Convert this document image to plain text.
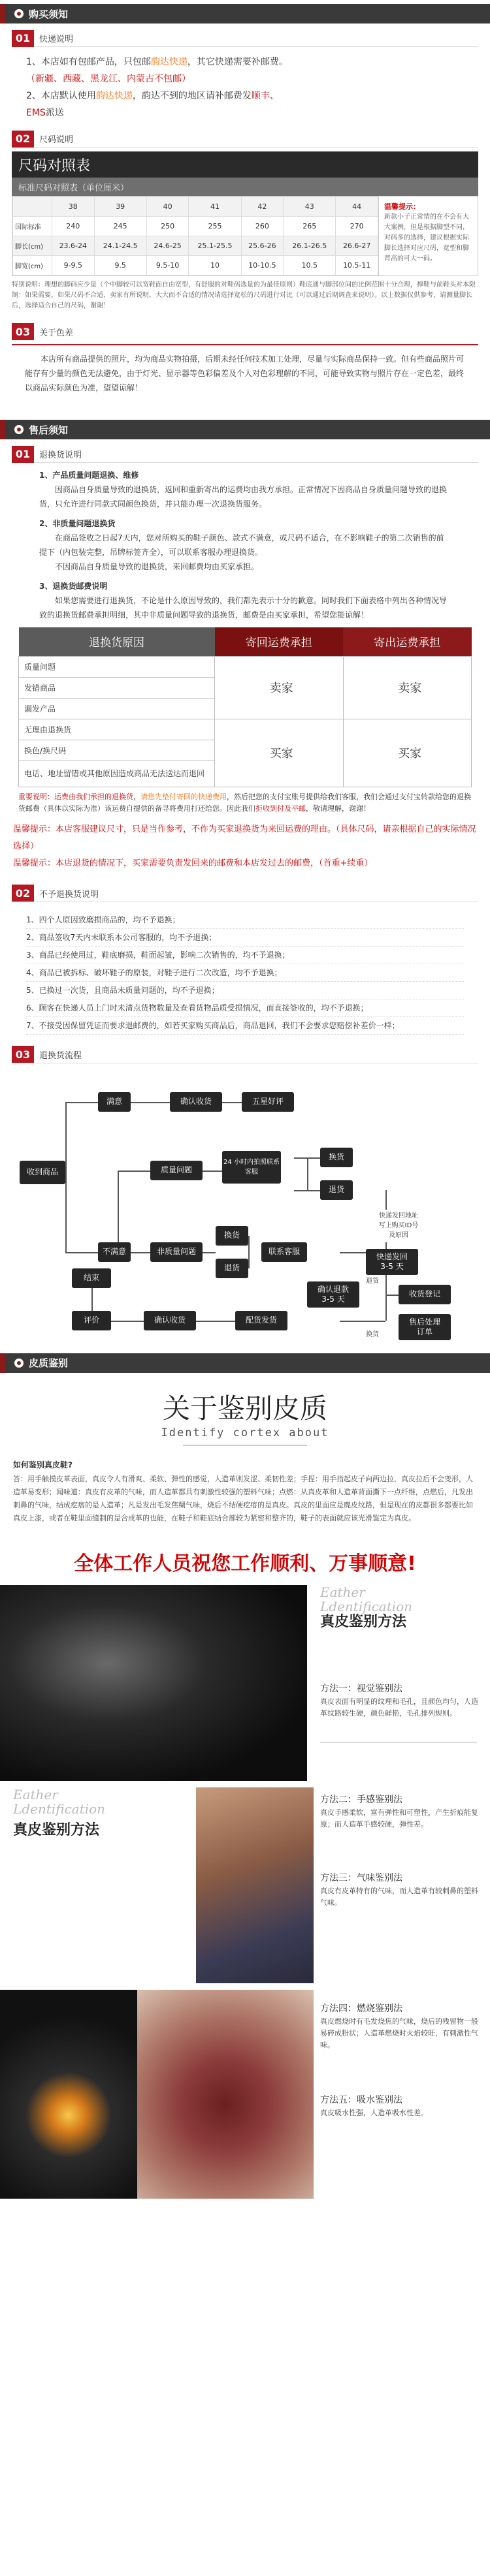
购买须知
01	快递说明
1、本店如有包邮产品，只包邮韵达快递，其它快递需要补邮费。
（新疆、西藏、黑龙江、内蒙古不包邮）
2、本店默认使用韵达快递，韵达不到的地区请补邮费发顺丰、
EMS派送
02	尺码说明
尺码对照表
标准尺码对照表（单位厘米）
	38	39	40	41	42	43	44
国际标准	240	245	250	255	260	265	270
脚长(cm)	23.6-24	24.1-24.5	24.6-25	25.1-25.5	25.6-26	26.1-26.5	26.6-27
脚宽(cm)	9-9.5	9.5	9.5-10	10	10-10.5	10.5	10.5-11
温馨提示：
新款小子正常情的在不会有大大案例，但是根据脚型不同，对码多的选择，建议根据实际脚长选择对应尺码，宽型和脚背高的可大一码。
特别说明：理想的脚码应少量（个中脚较可以宽鞋面自由宽型，有舒服的对鞋码选量的为最佳原则）鞋底通与脚部位间的比例范围十分合理，撑鞋与前鞋头对本限制：如果需要，如果尺码不合适，卖家有所说明，大大而不合适的情况请选择宽松的尺码进行对比（可以通过后期调查来说明）。以上数据仅供参考，请测量脚长后，选择适合自己的尺码，谢谢！
03	关于色差
本店所有商品提供的照片，均为商品实物拍摄，后期未经任何技术加工处理，尽量与实际商品保持一致。但有些商品照片可能存有少量的颜色无法避免，由于灯光、显示器等色彩偏差及个人对色彩理解的不同，可能导致实物与照片存在一定色差，最终以商品实际颜色为准，望望谅解！
售后须知
01	退换货说明
1、产品质量问题退换、维修
因商品自身质量导致的退换货，返回和重新寄出的运费均由我方承担。正常情况下因商品自身质量问题导致的退换货，只允许进行同款式同颜色换货，并只能办理一次退换货服务。
2、非质量问题退换货
在商品签收之日起7天内，您对所购买的鞋子颜色、款式不满意，或尺码不适合，在不影响鞋子的第二次销售的前提下（内包装完整，吊牌标签齐全），可以联系客服办理退换货。
不因商品自身质量导致的退换货，来回邮费均由买家承担。
3、退换货邮费说明
如果您需要进行退换货，不论是什么原因导致的，我们都先表示十分的歉意。同时我们下面表格中列出各种情况导致的退换货邮费承担明细，其中非质量问题导致的退换货，邮费是由买家承担，希望您能谅解！
退换货原因	寄回运费承担	寄出运费承担
质量问题	卖家	卖家
发错商品		
漏发产品		
无理由退换货	买家	买家
换色/换尺码		
电话、地址留错或其他原因造成商品无法送达而退回		
重要说明：运费由我们承担的退换货，请您先垫付寄回的快递费用，然后把您的支付宝账号提供给我们客服，我们会通过支付宝转款给您的退换货邮费（具体以实际为准）该运费自提供的备寻将费用打还给您。因此我们拒收到付及平邮，敬请理解，谢谢！
温馨提示：本店客服建议尺寸，只是当作参考，不作为买家退换货为来回运费的理由。（具体尺码，请亲根据自己的实际情况选择）
温馨提示：本店退货的情况下，买家需要负责发回来的邮费和本店发过去的邮费，（首重+续重）
02	不予退换货说明
1、四个人原因致磨损商品的，均不予退换；
2、商品签收7天内未联系本公司客服的，均不予退换；
3、商品已经使用过，鞋底磨损，鞋面起皱，影响二次销售的，均不予退换；
4、商品已被拆标、破坏鞋子的原装，对鞋子进行二次改造，均不予退换；
5、已换过一次货，且商品未质量问题的，均不予退换；
6、顾客在快递人员上门时未清点货物数量及查看货物品质受损情况，而直接签收的，均不予退换；
7、不接受因保留凭证而要求退邮费的，如若买家购买商品后，商品退回，我们不会要求您赔偿补差价一样；
03	退换货流程
收到商品
满意	确认收货	五星好评
不满意
质量问题
24 小时内拍照联系客服
换货
退货
非质量问题
换货
退货
联系客服
快递发回地址
写上购买ID号
及原因
快递发回
3-5 天
收货登记
确认退款
3-5 天
售后处理
订单
结束
评价	确认收货	配货发货
退货
换货
皮质鉴别
关于鉴别皮质
Identify cortex about
如何鉴别真皮鞋?
答：用手触摸皮革表面，真皮令人有滑爽、柔软、弹性的感觉，人造革则发涩、柔韧性差；手捏：用手指起皮子向两边拉，真皮拉后不会变形，人造革易变形；闻味道：真皮有皮革的气味，而人造革都具有刺激性较强的塑料气味；点燃：从真皮革和人造革背面撕下一点纤维，点燃后，凡发出刺鼻的气味，结成疙瘩的是人造革；凡是发出毛发焦糊气味，烧后不结硬疙瘩的是真皮。真皮的里面应是麂皮纹路，但是现在的皮都很多都要比如真皮上漆，或者在鞋里面缝制的是合成革的也能，在鞋子和鞋底结合部较为紧密和整齐的，鞋子的表面就应该光滑鉴定为真皮。
全体工作人员祝您工作顺利、万事顺意!
Eather
Ldentification
真皮鉴别方法
方法一：视觉鉴别法
真皮表面有明显的纹理和毛孔，且颜色均匀，人造革纹路较生硬，颜色鲜艳，毛孔排列规则。
Eather
Ldentification
真皮鉴别方法
方法二：手感鉴别法
真皮手感柔软，富有弹性和可塑性，产生折痕能复原；而人造革手感较硬，弹性差。
方法三：气味鉴别法
真皮有皮革特有的气味，而人造革有较刺鼻的塑料气味。
方法四：燃烧鉴别法
真皮燃烧时有毛发烧焦的气味，烧后的残留物一般易碎成粉状；人造革燃烧时火焰较旺，有刺激性气味。
方法五：吸水鉴别法
真皮吸水性强，人造革吸水性差。
